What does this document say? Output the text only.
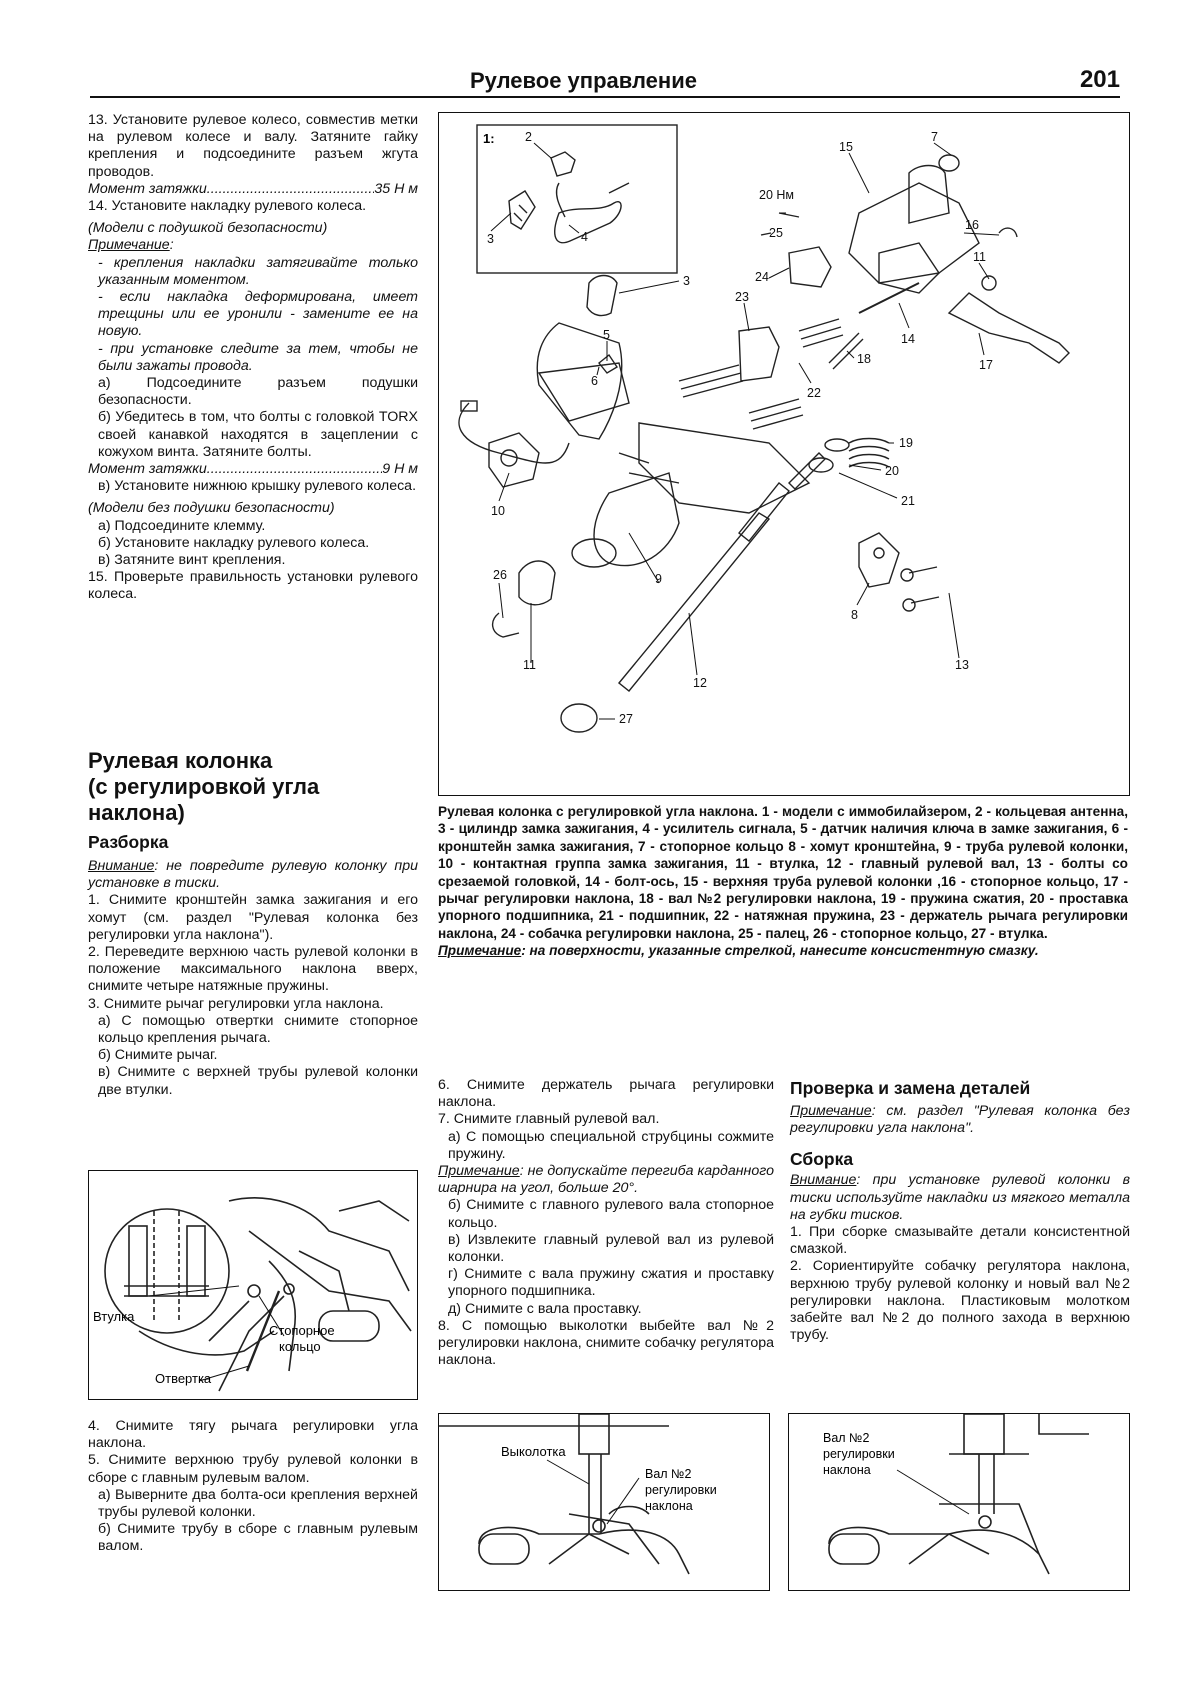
Рулевое управление	201

13. Установите рулевое колесо, совместив метки на рулевом колесе и валу. Затяните гайку крепления и подсоедините разъем жгута проводов.

Момент затяжки. .....	35 Н м

14. Установите накладку рулевого колеса.

(Модели с подушкой безопасности)

Примечание:

- крепления накладки затягивайте только указанным моментом.

- если накладка деформирована, имеет трещины или ее уронили - замените ее на новую.

- при установке следите за тем, чтобы не были зажаты провода.

а) Подсоедините разъем подушки безопасности.

б) Убедитесь в том, что болты с головкой TORX своей канавкой находятся в зацеплении с кожухом винта. Затяните болты.

Момент затяжки. .....	9 Н м

в) Установите нижнюю крышку рулевого колеса.

(Модели без подушки безопасности)

а) Подсоедините клемму.

б) Установите накладку рулевого колеса.

в) Затяните винт крепления.

15. Проверьте правильность установки рулевого колеса.

Рулевая колонка
(с регулировкой угла
наклона)
Разборка

Внимание: не повредите рулевую колонку при установке в тиски.

1. Снимите кронштейн замка зажигания и его хомут (см. раздел "Рулевая колонка без регулировки угла наклона").

2. Переведите верхнюю часть рулевой колонки в положение максимального наклона вверх, снимите четыре натяжные пружины.

3. Снимите рычаг регулировки угла наклона.

а) С помощью отвертки снимите стопорное кольцо крепления рычага.

б) Снимите рычаг.

в) Снимите с верхней трубы рулевой колонки две втулки.

Втулка
Стопорное
кольцо
Отвертка

4. Снимите тягу рычага регулировки угла наклона.

5. Снимите верхнюю трубу рулевой колонки в сборе с главным рулевым валом.

а) Выверните два болта-оси крепления верхней трубы рулевой колонки.

б) Снимите трубу в сборе с главным рулевым валом.

1: 2
3	4
3
5
6
7
15
16
11
17
14
18
24
23
22
25
19
20
21
10
9
8
26
11
12
13
27
20 Нм

Рулевая колонка с регулировкой угла наклона. 1 - модели с иммобилайзером, 2 - кольцевая антенна, 3 - цилиндр замка зажигания, 4 - усилитель сигнала, 5 - датчик наличия ключа в замке зажигания, 6 - кронштейн замка зажигания, 7 - стопорное кольцо 8 - хомут кронштейна, 9 - труба рулевой колонки, 10 - контактная группа замка зажигания, 11 - втулка, 12 - главный рулевой вал, 13 - болты со срезаемой головкой, 14 - болт-ось, 15 - верхняя труба рулевой колонки ,16 - стопорное кольцо, 17 - рычаг регулировки наклона, 18 - вал №2 регулировки наклона, 19 - пружина сжатия, 20 - проставка упорного подшипника, 21 - подшипник, 22 - натяжная пружина, 23 - держатель рычага регулировки наклона, 24 - собачка регулировки наклона, 25 - палец, 26 - стопорное кольцо, 27 - втулка.

Примечание: на поверхности, указанные стрелкой, нанесите консистентную смазку.

6. Снимите держатель рычага регулировки наклона.

7. Снимите главный рулевой вал.

а) С помощью специальной струбцины сожмите пружину.

Примечание: не допускайте перегиба карданного шарнира на угол, больше 20°.

б) Снимите с главного рулевого вала стопорное кольцо.

в) Извлеките главный рулевой вал из рулевой колонки.

г) Снимите с вала пружину сжатия и проставку упорного подшипника.

д) Снимите с вала проставку.

8. С помощью выколотки выбейте вал №2 регулировки наклона, снимите собачку регулятора наклона.

Выколотка
Вал №2
регулировки
наклона
Проверка и замена деталей

Примечание: см. раздел "Рулевая колонка без регулировки угла наклона".

Сборка

Внимание: при установке рулевой колонки в тиски используйте накладки из мягкого металла на губки тисков.

1. При сборке смазывайте детали консистентной смазкой.

2. Сориентируйте собачку регулятора наклона, верхнюю трубу рулевой колонку и новый вал №2 регулировки наклона. Пластиковым молотком забейте вал №2 до полного захода в верхнюю трубу.

Вал №2
регулировки
наклона
